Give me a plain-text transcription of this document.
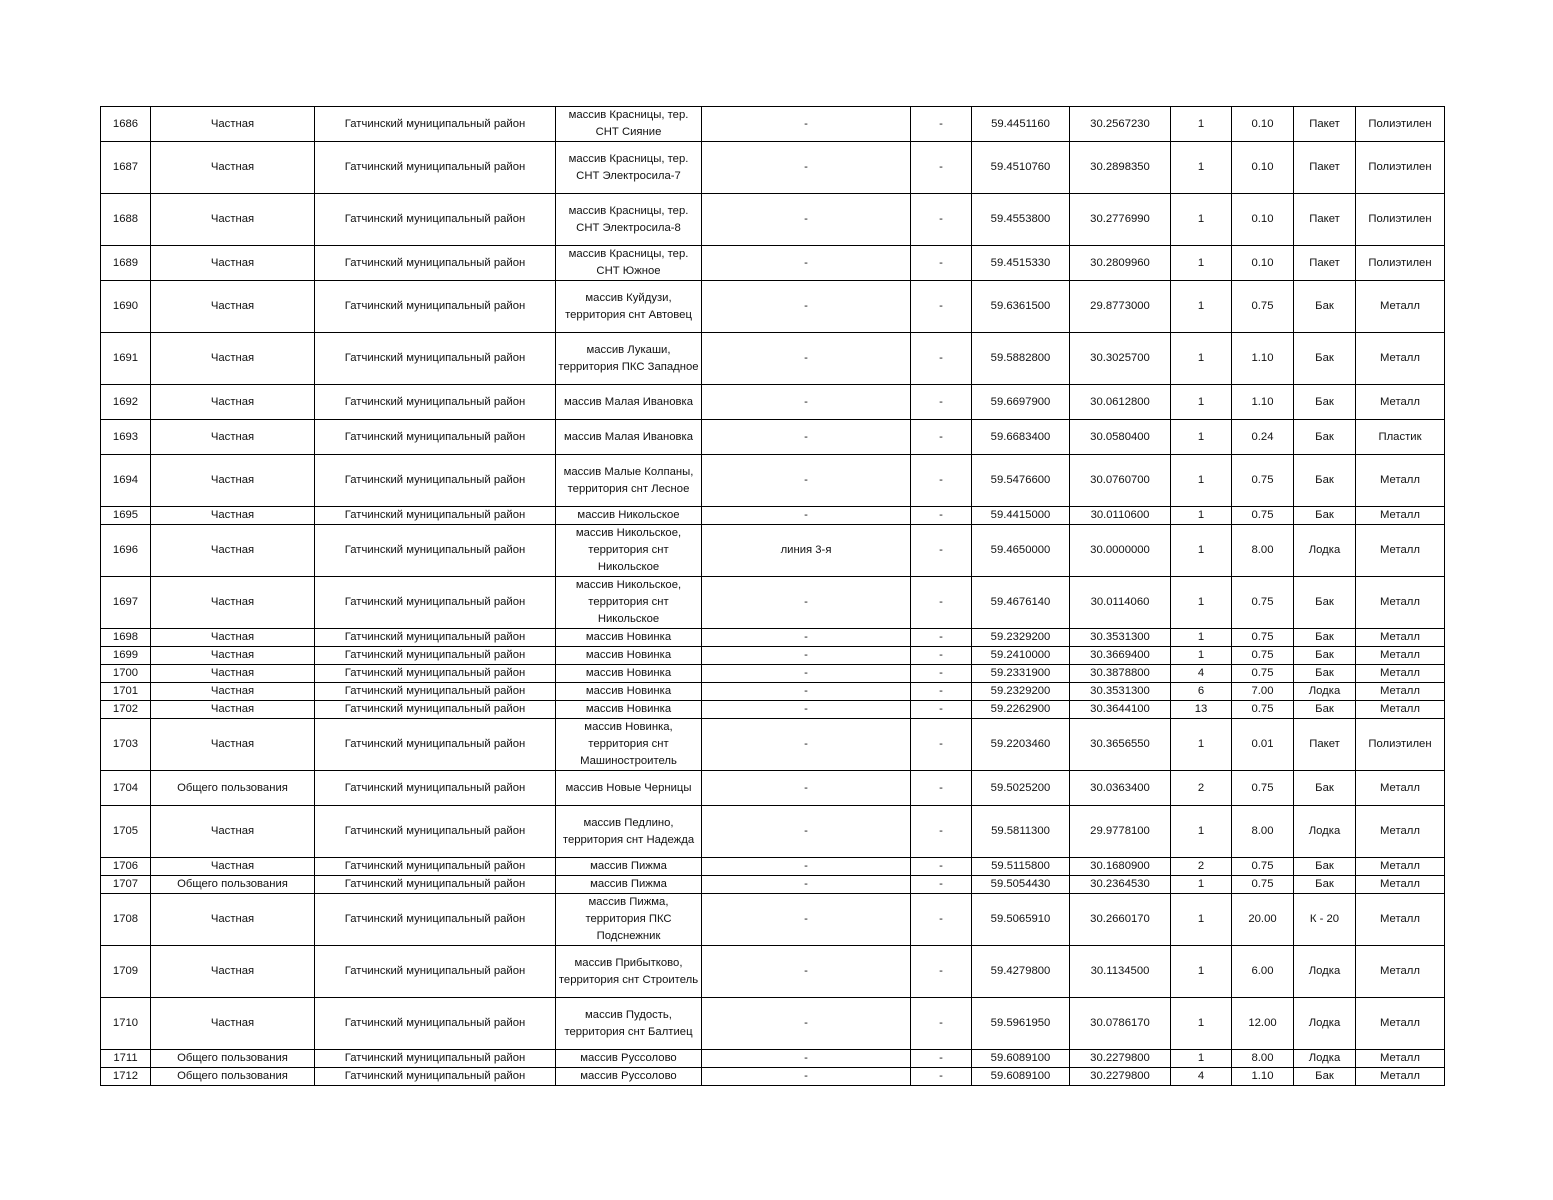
1686	Частная	Гатчинский муниципальный район	массив Красницы, тер. СНТ Сияние	-	-	59.4451160	30.2567230	1	0.10	Пакет	Полиэтилен
1687	Частная	Гатчинский муниципальный район	массив Красницы, тер. СНТ Электросила-7	-	-	59.4510760	30.2898350	1	0.10	Пакет	Полиэтилен
1688	Частная	Гатчинский муниципальный район	массив Красницы, тер. СНТ Электросила-8	-	-	59.4553800	30.2776990	1	0.10	Пакет	Полиэтилен
1689	Частная	Гатчинский муниципальный район	массив Красницы, тер. СНТ Южное	-	-	59.4515330	30.2809960	1	0.10	Пакет	Полиэтилен
1690	Частная	Гатчинский муниципальный район	массив Куйдузи, территория снт Автовец	-	-	59.6361500	29.8773000	1	0.75	Бак	Металл
1691	Частная	Гатчинский муниципальный район	массив Лукаши, территория ПКС Западное	-	-	59.5882800	30.3025700	1	1.10	Бак	Металл
1692	Частная	Гатчинский муниципальный район	массив Малая Ивановка	-	-	59.6697900	30.0612800	1	1.10	Бак	Металл
1693	Частная	Гатчинский муниципальный район	массив Малая Ивановка	-	-	59.6683400	30.0580400	1	0.24	Бак	Пластик
1694	Частная	Гатчинский муниципальный район	массив Малые Колпаны, территория снт Лесное	-	-	59.5476600	30.0760700	1	0.75	Бак	Металл
1695	Частная	Гатчинский муниципальный район	массив Никольское	-	-	59.4415000	30.0110600	1	0.75	Бак	Металл
1696	Частная	Гатчинский муниципальный район	массив Никольское, территория снт Никольское	линия 3-я	-	59.4650000	30.0000000	1	8.00	Лодка	Металл
1697	Частная	Гатчинский муниципальный район	массив Никольское, территория снт Никольское	-	-	59.4676140	30.0114060	1	0.75	Бак	Металл
1698	Частная	Гатчинский муниципальный район	массив Новинка	-	-	59.2329200	30.3531300	1	0.75	Бак	Металл
1699	Частная	Гатчинский муниципальный район	массив Новинка	-	-	59.2410000	30.3669400	1	0.75	Бак	Металл
1700	Частная	Гатчинский муниципальный район	массив Новинка	-	-	59.2331900	30.3878800	4	0.75	Бак	Металл
1701	Частная	Гатчинский муниципальный район	массив Новинка	-	-	59.2329200	30.3531300	6	7.00	Лодка	Металл
1702	Частная	Гатчинский муниципальный район	массив Новинка	-	-	59.2262900	30.3644100	13	0.75	Бак	Металл
1703	Частная	Гатчинский муниципальный район	массив Новинка, территория снт Машиностроитель	-	-	59.2203460	30.3656550	1	0.01	Пакет	Полиэтилен
1704	Общего пользования	Гатчинский муниципальный район	массив Новые Черницы	-	-	59.5025200	30.0363400	2	0.75	Бак	Металл
1705	Частная	Гатчинский муниципальный район	массив Педлино, территория снт Надежда	-	-	59.5811300	29.9778100	1	8.00	Лодка	Металл
1706	Частная	Гатчинский муниципальный район	массив Пижма	-	-	59.5115800	30.1680900	2	0.75	Бак	Металл
1707	Общего пользования	Гатчинский муниципальный район	массив Пижма	-	-	59.5054430	30.2364530	1	0.75	Бак	Металл
1708	Частная	Гатчинский муниципальный район	массив Пижма, территория ПКС Подснежник	-	-	59.5065910	30.2660170	1	20.00	К - 20	Металл
1709	Частная	Гатчинский муниципальный район	массив Прибытково, территория снт Строитель	-	-	59.4279800	30.1134500	1	6.00	Лодка	Металл
1710	Частная	Гатчинский муниципальный район	массив Пудость, территория снт Балтиец	-	-	59.5961950	30.0786170	1	12.00	Лодка	Металл
1711	Общего пользования	Гатчинский муниципальный район	массив Руссолово	-	-	59.6089100	30.2279800	1	8.00	Лодка	Металл
1712	Общего пользования	Гатчинский муниципальный район	массив Руссолово	-	-	59.6089100	30.2279800	4	1.10	Бак	Металл
